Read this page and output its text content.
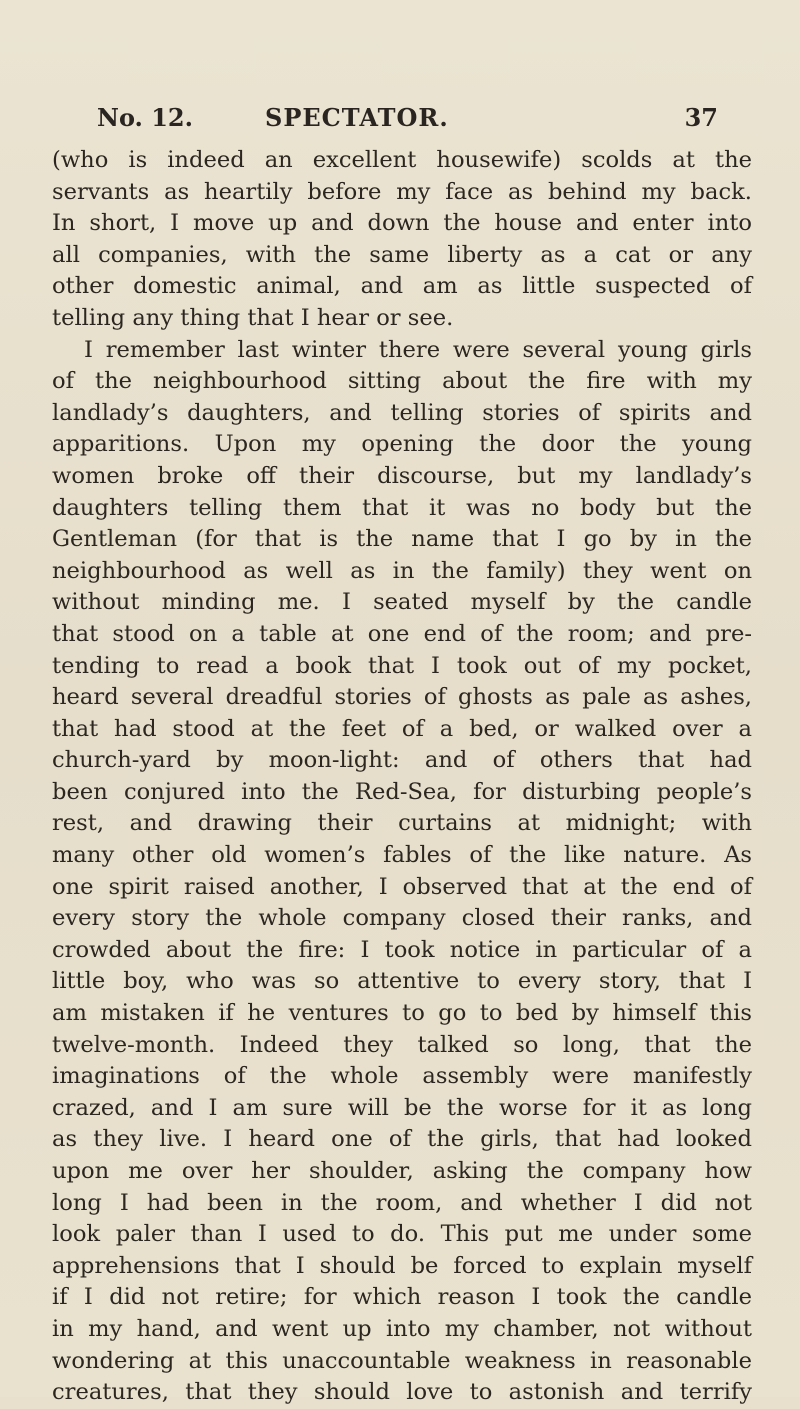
No. 12.	SPECTATOR.	37
(who is indeed an excellent housewife) scolds at the
servants as heartily before my face as behind my back.
In short, I move up and down the house and enter into
all companies, with the same liberty as a cat or any
other domestic animal, and am as little suspected of
telling any thing that I hear or see.
I remember last winter there were several young girls
of the neighbourhood sitting about the fire with my
landlady’s daughters, and telling stories of spirits and
apparitions. Upon my opening the door the young
women broke off their discourse, but my landlady’s
daughters telling them that it was no body but the
Gentleman (for that is the name that I go by in the
neighbourhood as well as in the family) they went on
without minding me. I seated myself by the candle
that stood on a table at one end of the room; and pre-
tending to read a book that I took out of my pocket,
heard several dreadful stories of ghosts as pale as ashes,
that had stood at the feet of a bed, or walked over a
church-yard by moon-light: and of others that had
been conjured into the Red-Sea, for disturbing people’s
rest, and drawing their curtains at midnight; with
many other old women’s fables of the like nature. As
one spirit raised another, I observed that at the end of
every story the whole company closed their ranks, and
crowded about the fire: I took notice in particular of a
little boy, who was so attentive to every story, that I
am mistaken if he ventures to go to bed by himself this
twelve-month. Indeed they talked so long, that the
imaginations of the whole assembly were manifestly
crazed, and I am sure will be the worse for it as long
as they live. I heard one of the girls, that had looked
upon me over her shoulder, asking the company how
long I had been in the room, and whether I did not
look paler than I used to do. This put me under some
apprehensions that I should be forced to explain myself
if I did not retire; for which reason I took the candle
in my hand, and went up into my chamber, not without
wondering at this unaccountable weakness in reasonable
creatures, that they should love to astonish and terrify
